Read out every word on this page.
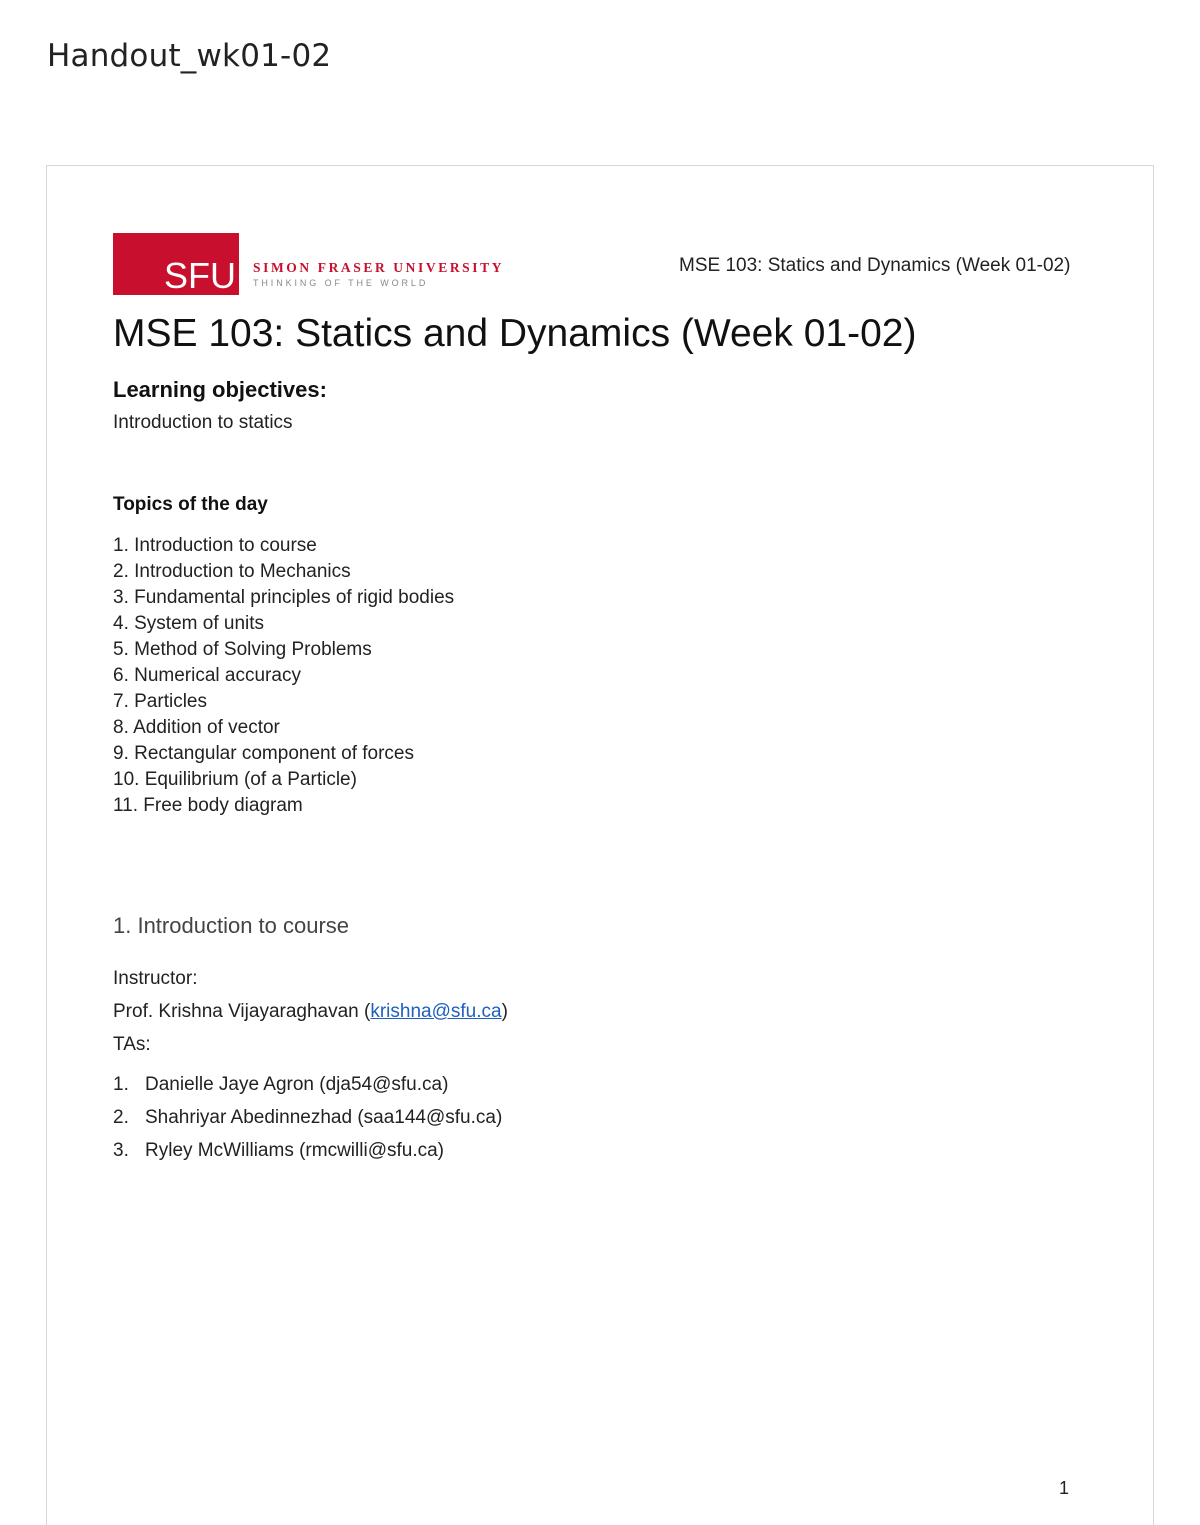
Handout_wk01-02
SFU SIMON FRASER UNIVERSITY
THINKING OF THE WORLD
MSE 103: Statics and Dynamics (Week 01-02)
MSE 103: Statics and Dynamics (Week 01-02)
Learning objectives:
Introduction to statics
Topics of the day
1. Introduction to course
2. Introduction to Mechanics
3. Fundamental principles of rigid bodies
4. System of units
5. Method of Solving Problems
6. Numerical accuracy
7. Particles
8. Addition of vector
9. Rectangular component of forces
10. Equilibrium (of a Particle)
11. Free body diagram
1. Introduction to course
Instructor:
Prof. Krishna Vijayaraghavan (krishna@sfu.ca)
TAs:
1. Danielle Jaye Agron (dja54@sfu.ca)
2. Shahriyar Abedinnezhad (saa144@sfu.ca)
3. Ryley McWilliams (rmcwilli@sfu.ca)
1
